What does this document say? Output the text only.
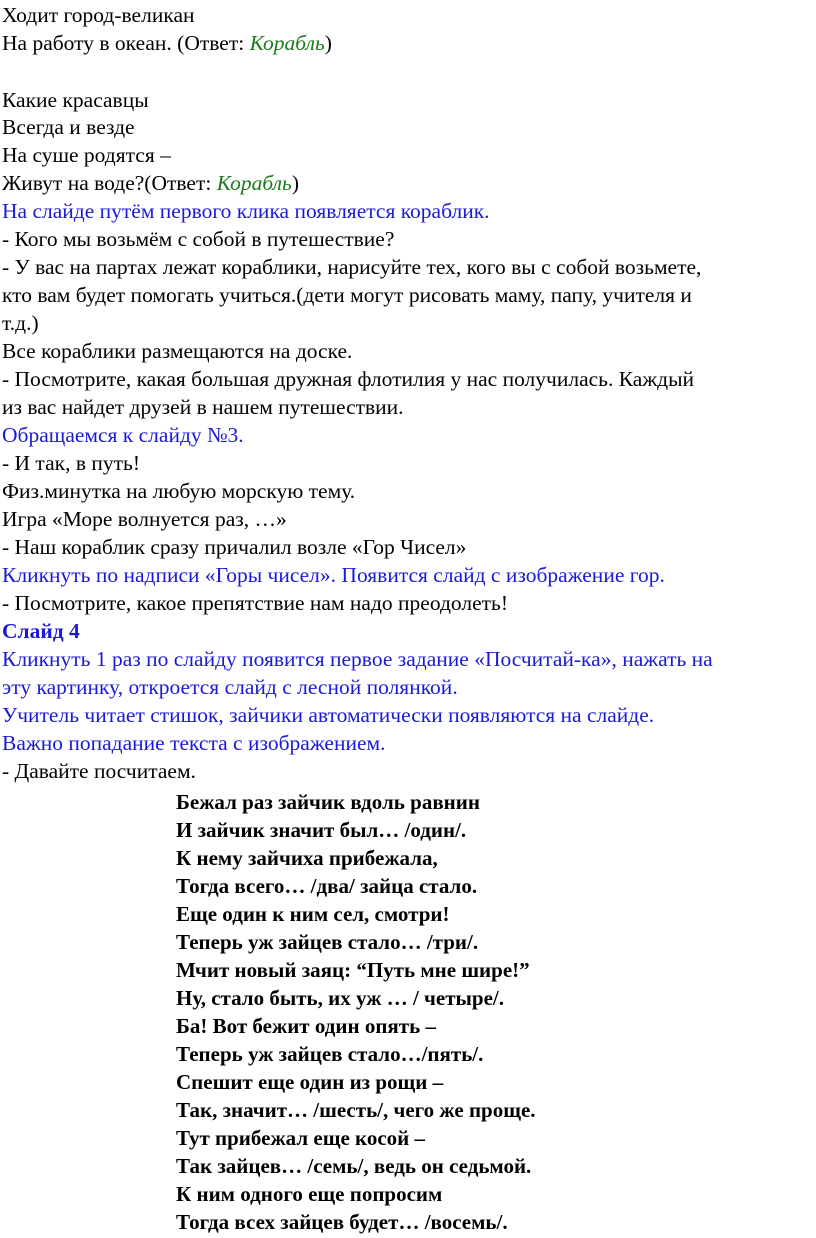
Ходит город-великан
На работу в океан. (Ответ: Корабль)
Какие красавцы
Всегда и везде
На суше родятся –
Живут на воде?(Ответ: Корабль)
На слайде путём первого клика появляется кораблик.
- Кого мы возьмём с собой в путешествие?
- У вас на партах лежат кораблики, нарисуйте тех, кого вы с собой возьмете,
кто вам будет помогать учиться.(дети могут рисовать маму, папу, учителя и
т.д.)
Все кораблики размещаются на доске.
- Посмотрите, какая большая дружная флотилия у нас получилась. Каждый
из вас найдет друзей в нашем путешествии.
Обращаемся к слайду №3.
- И так, в путь!
Физ.минутка на любую морскую тему.
Игра «Море волнуется раз, …»
- Наш кораблик сразу причалил возле «Гор Чисел»
Кликнуть по надписи «Горы чисел». Появится слайд с изображение гор.
- Посмотрите, какое препятствие нам надо преодолеть!
Слайд 4
Кликнуть 1 раз по слайду появится первое задание «Посчитай-ка», нажать на
эту картинку, откроется слайд с лесной полянкой.
Учитель читает стишок, зайчики автоматически появляются на слайде.
Важно попадание текста с изображением.
- Давайте посчитаем.
Бежал раз зайчик вдоль равнин
И зайчик значит был… /один/.
К нему зайчиха прибежала,
Тогда всего… /два/ зайца стало.
Еще один к ним сел, смотри!
Теперь уж зайцев стало… /три/.
Мчит новый заяц: “Путь мне шире!”
Ну, стало быть, их уж … / четыре/.
Ба! Вот бежит один опять –
Теперь уж зайцев стало…/пять/.
Спешит еще один из рощи –
Так, значит… /шесть/, чего же проще.
Тут прибежал еще косой –
Так зайцев… /семь/, ведь он седьмой.
К ним одного еще попросим
Тогда всех зайцев будет… /восемь/.
